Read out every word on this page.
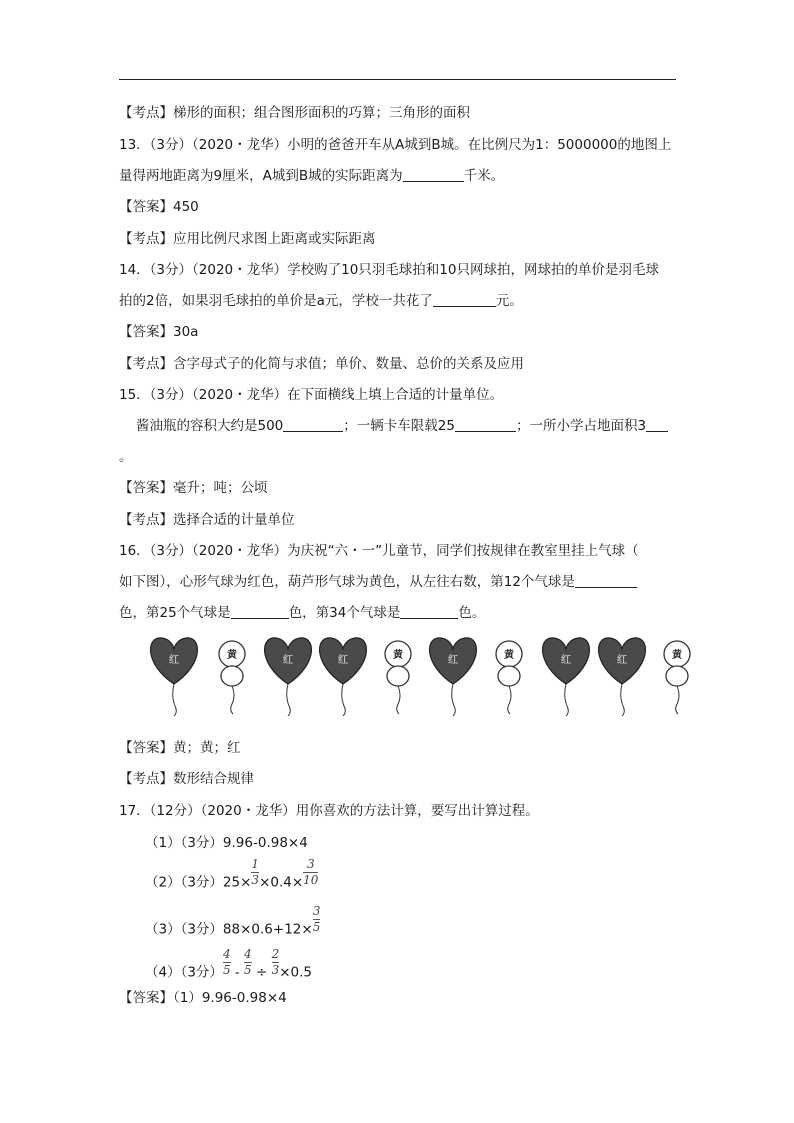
【考点】梯形的面积；组合图形面积的巧算；三角形的面积
13．（3分）（2020・龙华）小明的爸爸开车从A城到B城。在比例尺为1：5000000的地图上
量得两地距离为9厘米，A城到B城的实际距离为	千米。
【答案】450
【考点】应用比例尺求图上距离或实际距离
14．（3分）（2020・龙华）学校购了10只羽毛球拍和10只网球拍，网球拍的单价是羽毛球
拍的2倍，如果羽毛球拍的单价是a元，学校一共花了	元。
【答案】30a
【考点】含字母式子的化简与求值；单价、数量、总价的关系及应用
15．（3分）（2020・龙华）在下面横线上填上合适的计量单位。
酱油瓶的容积大约是500	；一辆卡车限载25	；一所小学占地面积3
。
【答案】毫升；吨；公顷
【考点】选择合适的计量单位
16．（3分）（2020・龙华）为庆祝“六・一”儿童节，同学们按规律在教室里挂上气球（
如下图），心形气球为红色，葫芦形气球为黄色，从左往右数，第12个气球是
色，第25个气球是	色，第34个气球是	色。
红	黄	红	红	黄	红	黄	红	红	黄
【答案】黄；黄；红
【考点】数形结合规律
17．（12分）（2020・龙华）用你喜欢的方法计算，要写出计算过程。
（1）（3分）9.96-0.98×4
（2）（3分）$25\times \frac{1}{3} \times 0.4\times \frac{3}{10}$
（3）（3分）$88\times 0.6+12\times \frac{3}{5}$
（4）（3分） $\frac{4}{5} - \frac{4}{5} \div \frac{2}{3} \times 0.5$
【答案】（1）9.96-0.98×4
